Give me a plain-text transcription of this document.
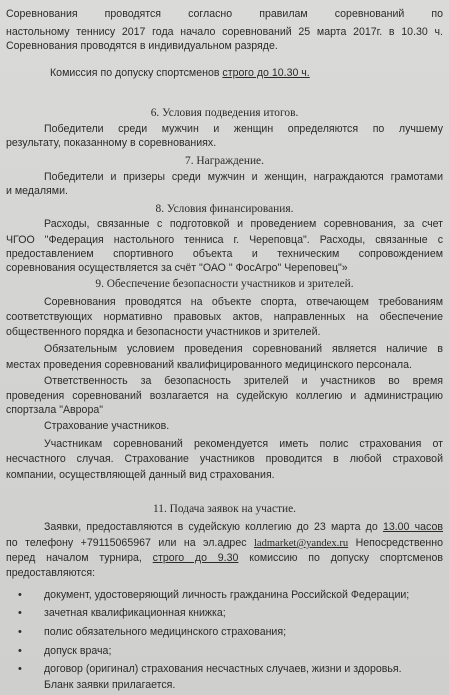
Соревнования проводятся согласно правилам соревнований по
настольному теннису 2017 года начало соревнований 25 марта 2017г. в 10.30 ч.
Соревнования проводятся в индивидуальном разряде.
Комиссия по допуску спортсменов строго до 10.30 ч.
6. Условия подведения итогов.
Победители среди мужчин и женщин определяются по лучшему
результату, показанному в соревнованиях.
7. Награждение.
Победители и призеры среди мужчин и женщин, награждаются грамотами
и медалями.
8. Условия финансирования.
Расходы, связанные с подготовкой и проведением соревнования, за счет
ЧГОО "Федерация настольного тенниса г. Череповца". Расходы, связанные с
предоставлением спортивного объекта и техническим сопровождением
соревнования осуществляется за счёт "ОАО " ФосАгро" Череповец"»
9. Обеспечение безопасности участников и зрителей.
Соревнования проводятся на объекте спорта, отвечающем требованиям
соответствующих нормативно правовых актов, направленных на обеспечение
общественного порядка и безопасности участников и зрителей.
Обязательным условием проведения соревнований является наличие в
местах проведения соревнований квалифицированного медицинского персонала.
Ответственность за безопасность зрителей и участников во время
проведения соревнований возлагается на судейскую коллегию и администрацию
спортзала "Аврора"
Страхование участников.
Участникам соревнований рекомендуется иметь полис страхования от
несчастного случая. Страхование участников проводится в любой страховой
компании, осуществляющей данный вид страхования.
11. Подача заявок на участие.
Заявки, предоставляются в судейскую коллегию до 23 марта до 13.00 часов
по телефону +79115065967 или на эл.адрес ladmarket@yandex.ru Непосредственно
перед началом турнира, строго до 9.30 комиссию по допуску спортсменов
предоставляются:
• документ, удостоверяющий личность гражданина Российской Федерации;
• зачетная квалификационная книжка;
• полис обязательного медицинского страхования;
• допуск врача;
• договор (оригинал) страхования несчастных случаев, жизни и здоровья.
Бланк заявки прилагается.
